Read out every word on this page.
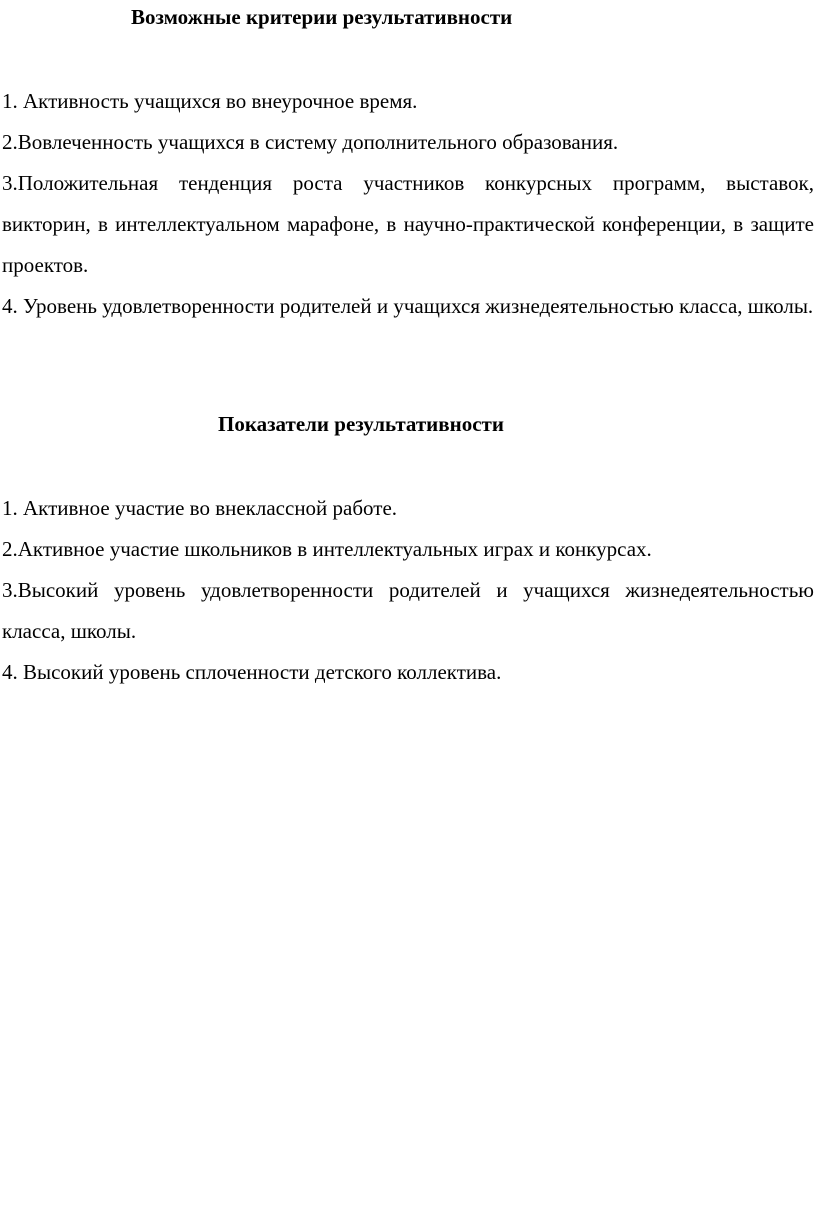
Возможные критерии результативности
1. Активность учащихся во внеурочное время.
2.Вовлеченность учащихся в систему дополнительного образования.
3.Положительная тенденция роста участников конкурсных программ, выставок, викторин, в интеллектуальном марафоне, в научно-практической конференции, в защите проектов.
4. Уровень удовлетворенности родителей и учащихся жизнедеятельностью класса, школы.
Показатели результативности
1. Активное участие во внеклассной работе.
2.Активное участие школьников в интеллектуальных играх и конкурсах.
3.Высокий уровень удовлетворенности родителей и учащихся жизнедеятельностью класса, школы.
4. Высокий уровень сплоченности детского коллектива.
